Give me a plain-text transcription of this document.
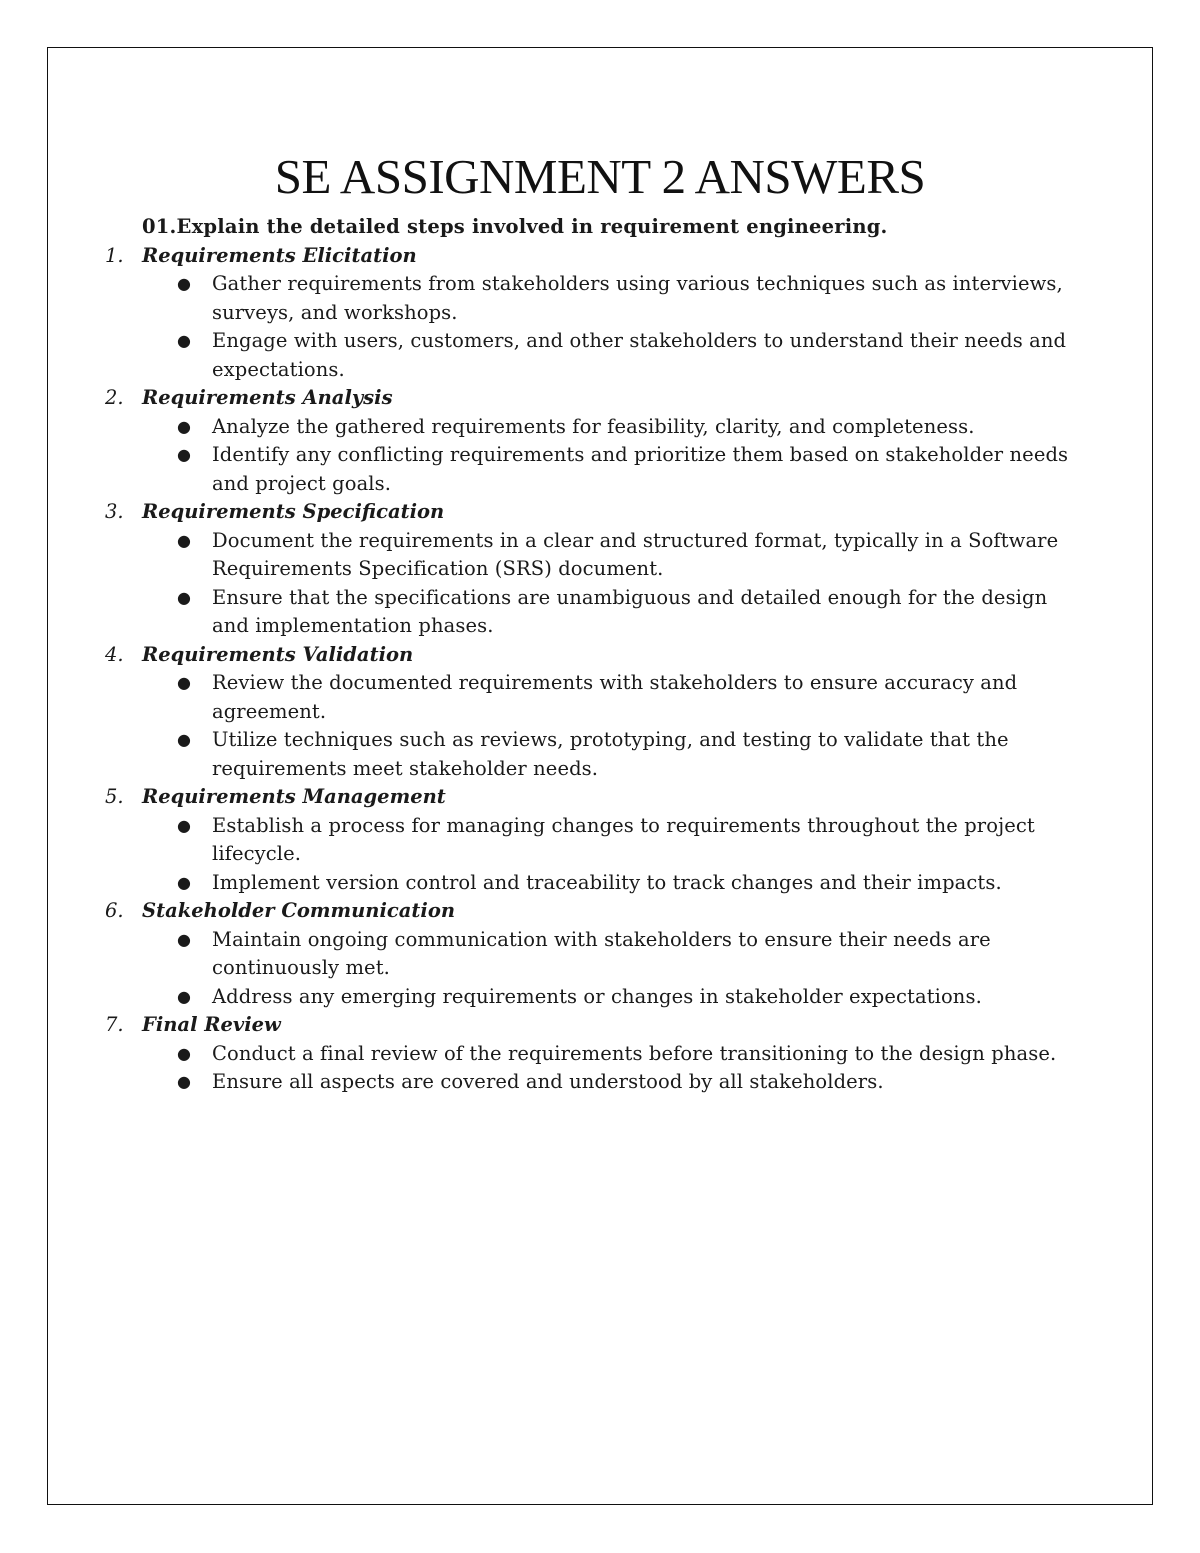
SE ASSIGNMENT 2 ANSWERS
01.Explain the detailed steps involved in requirement engineering.
1. Requirements Elicitation
● Gather requirements from stakeholders using various techniques such as interviews, surveys, and workshops.
● Engage with users, customers, and other stakeholders to understand their needs and expectations.
2. Requirements Analysis
● Analyze the gathered requirements for feasibility, clarity, and completeness.
● Identify any conflicting requirements and prioritize them based on stakeholder needs and project goals.
3. Requirements Specification
● Document the requirements in a clear and structured format, typically in a Software Requirements Specification (SRS) document.
● Ensure that the specifications are unambiguous and detailed enough for the design and implementation phases.
4. Requirements Validation
● Review the documented requirements with stakeholders to ensure accuracy and agreement.
● Utilize techniques such as reviews, prototyping, and testing to validate that the requirements meet stakeholder needs.
5. Requirements Management
● Establish a process for managing changes to requirements throughout the project lifecycle.
● Implement version control and traceability to track changes and their impacts.
6. Stakeholder Communication
● Maintain ongoing communication with stakeholders to ensure their needs are continuously met.
● Address any emerging requirements or changes in stakeholder expectations.
7. Final Review
● Conduct a final review of the requirements before transitioning to the design phase.
● Ensure all aspects are covered and understood by all stakeholders.
